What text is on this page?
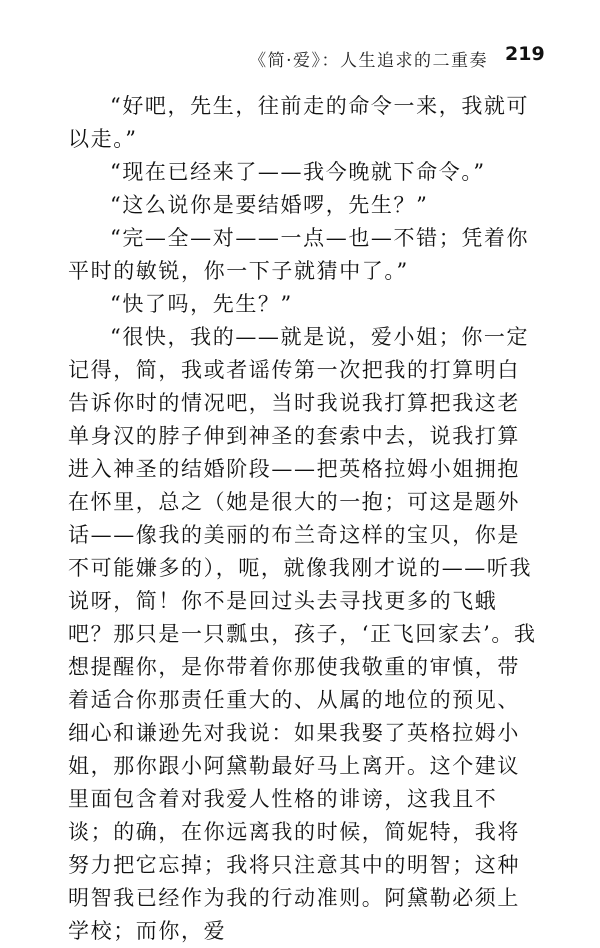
《简·爱》：人生追求的二重奏 219

“好吧，先生，往前走的命令一来，我就可以走。”

“现在已经来了——我今晚就下命令。”

“这么说你是要结婚啰，先生？”

“完—全—对——一点—也—不错；凭着你平时的敏锐，你一下子就猜中了。”

“快了吗，先生？”

“很快，我的——就是说，爱小姐；你一定记得，简，我或者谣传第一次把我的打算明白告诉你时的情况吧，当时我说我打算把我这老单身汉的脖子伸到神圣的套索中去，说我打算进入神圣的结婚阶段——把英格拉姆小姐拥抱在怀里，总之（她是很大的一抱；可这是题外话——像我的美丽的布兰奇这样的宝贝，你是不可能嫌多的），呃，就像我刚才说的——听我说呀，简！你不是回过头去寻找更多的飞蛾吧？那只是一只瓢虫，孩子，‘正飞回家去’。我想提醒你，是你带着你那使我敬重的审慎，带着适合你那责任重大的、从属的地位的预见、细心和谦逊先对我说：如果我娶了英格拉姆小姐，那你跟小阿黛勒最好马上离开。这个建议里面包含着对我爱人性格的诽谤，这我且不谈；的确，在你远离我的时候，简妮特，我将努力把它忘掉；我将只注意其中的明智；这种明智我已经作为我的行动准则。阿黛勒必须上学校；而你，爱
